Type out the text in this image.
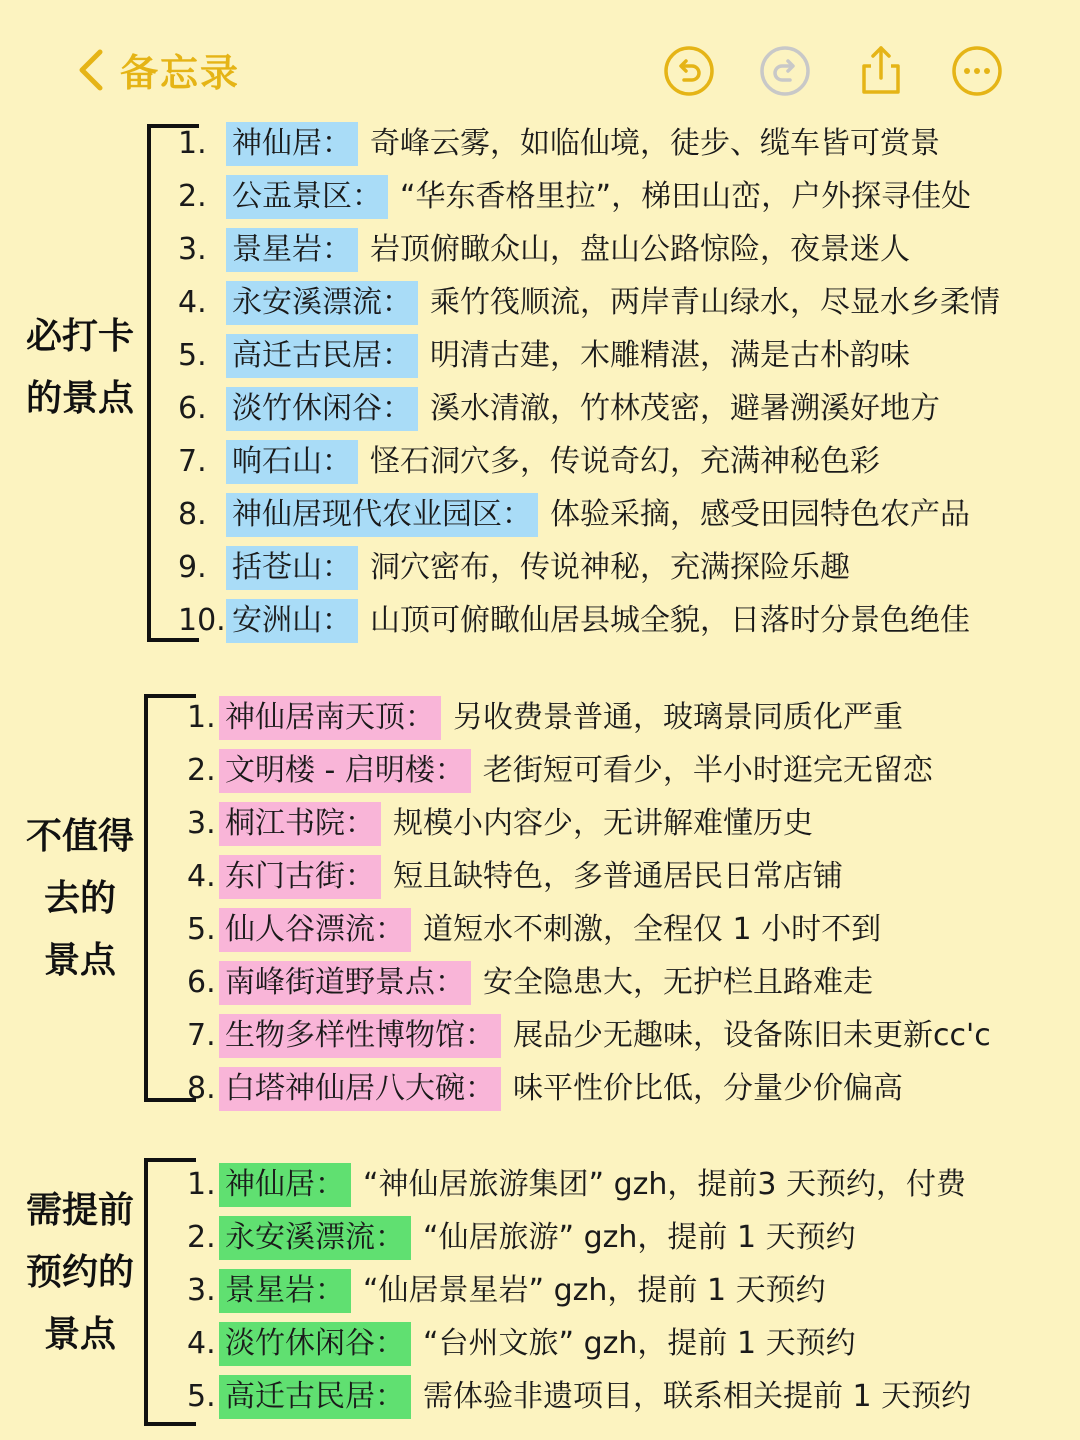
备忘录
必打卡
的景点
1. 神仙居： 奇峰云雾，如临仙境，徒步、缆车皆可赏景
2. 公盂景区： “华东香格里拉”，梯田山峦，户外探寻佳处
3. 景星岩： 岩顶俯瞰众山，盘山公路惊险，夜景迷人
4. 永安溪漂流： 乘竹筏顺流，两岸青山绿水，尽显水乡柔情
5. 高迁古民居： 明清古建，木雕精湛，满是古朴韵味
6. 淡竹休闲谷： 溪水清澈，竹林茂密，避暑溯溪好地方
7. 响石山： 怪石洞穴多，传说奇幻，充满神秘色彩
8. 神仙居现代农业园区： 体验采摘，感受田园特色农产品
9. 括苍山： 洞穴密布，传说神秘，充满探险乐趣
10. 安洲山： 山顶可俯瞰仙居县城全貌，日落时分景色绝佳
不值得
去的
景点
1. 神仙居南天顶： 另收费景普通，玻璃景同质化严重
2. 文明楼 - 启明楼： 老街短可看少，半小时逛完无留恋
3. 桐江书院： 规模小内容少，无讲解难懂历史
4. 东门古街： 短且缺特色，多普通居民日常店铺
5. 仙人谷漂流： 道短水不刺激，全程仅 1 小时不到
6. 南峰街道野景点： 安全隐患大，无护栏且路难走
7. 生物多样性博物馆： 展品少无趣味，设备陈旧未更新cc'c
8. 白塔神仙居八大碗： 味平性价比低，分量少价偏高
需提前
预约的
景点
1. 神仙居： “神仙居旅游集团” gzh，提前3 天预约，付费
2. 永安溪漂流： “仙居旅游” gzh，提前 1 天预约
3. 景星岩： “仙居景星岩” gzh，提前 1 天预约
4. 淡竹休闲谷： “台州文旅” gzh，提前 1 天预约
5. 高迁古民居： 需体验非遗项目，联系相关提前 1 天预约
